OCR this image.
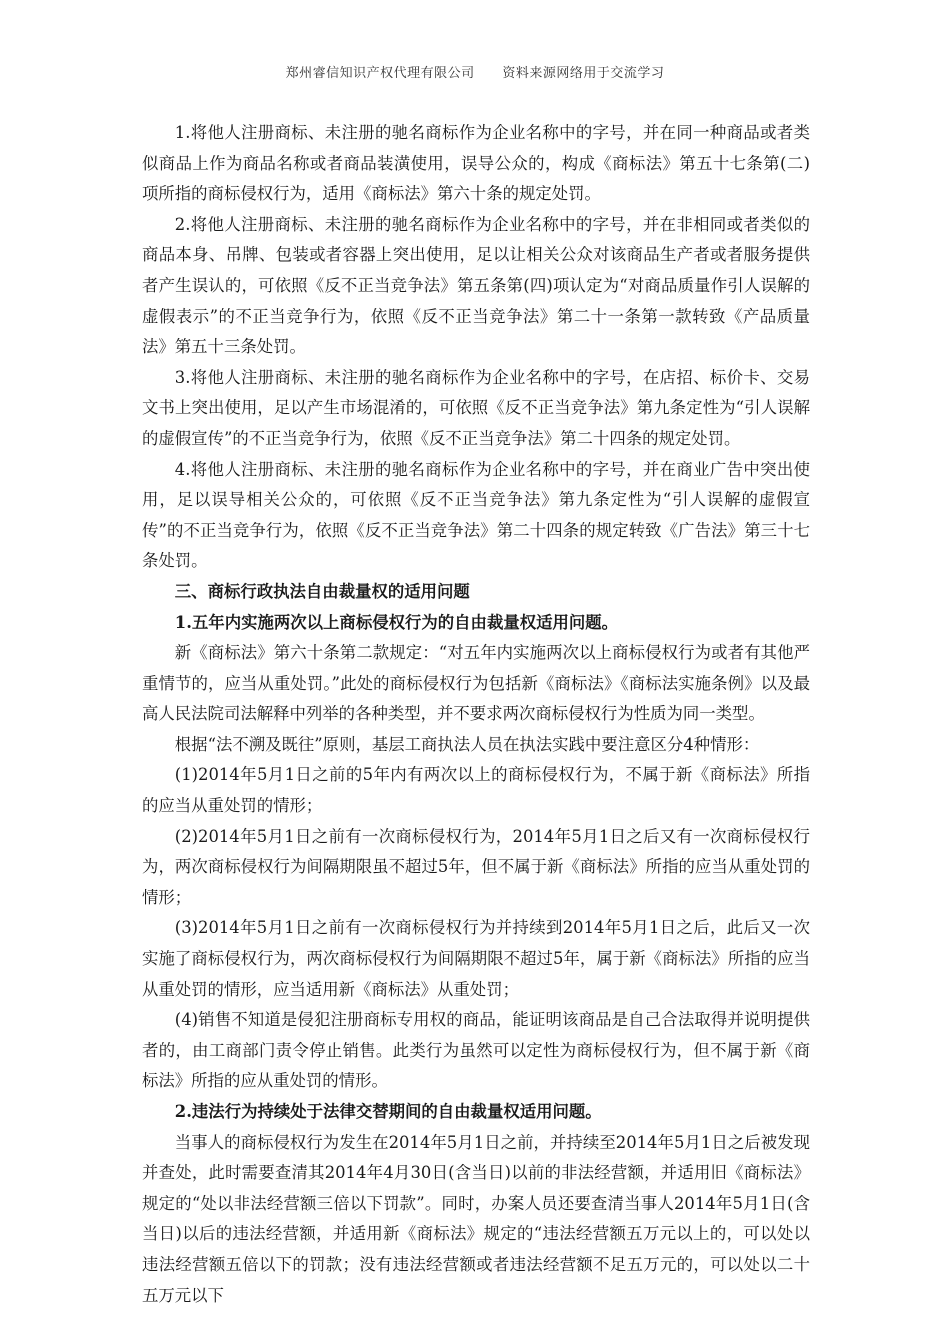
郑州睿信知识产权代理有限公司      资料来源网络用于交流学习

1.将他人注册商标、未注册的驰名商标作为企业名称中的字号，并在同一种商品或者类似商品上作为商品名称或者商品装潢使用，误导公众的，构成《商标法》第五十七条第(二)项所指的商标侵权行为，适用《商标法》第六十条的规定处罚。

2.将他人注册商标、未注册的驰名商标作为企业名称中的字号，并在非相同或者类似的商品本身、吊牌、包装或者容器上突出使用，足以让相关公众对该商品生产者或者服务提供者产生误认的，可依照《反不正当竞争法》第五条第(四)项认定为“对商品质量作引人误解的虚假表示”的不正当竞争行为，依照《反不正当竞争法》第二十一条第一款转致《产品质量法》第五十三条处罚。

3.将他人注册商标、未注册的驰名商标作为企业名称中的字号，在店招、标价卡、交易文书上突出使用，足以产生市场混淆的，可依照《反不正当竞争法》第九条定性为“引人误解的虚假宣传”的不正当竞争行为，依照《反不正当竞争法》第二十四条的规定处罚。

4.将他人注册商标、未注册的驰名商标作为企业名称中的字号，并在商业广告中突出使用，足以误导相关公众的，可依照《反不正当竞争法》第九条定性为“引人误解的虚假宣传”的不正当竞争行为，依照《反不正当竞争法》第二十四条的规定转致《广告法》第三十七条处罚。

三、商标行政执法自由裁量权的适用问题

1.五年内实施两次以上商标侵权行为的自由裁量权适用问题。

新《商标法》第六十条第二款规定：“对五年内实施两次以上商标侵权行为或者有其他严重情节的，应当从重处罚。”此处的商标侵权行为包括新《商标法》《商标法实施条例》以及最高人民法院司法解释中列举的各种类型，并不要求两次商标侵权行为性质为同一类型。

根据“法不溯及既往”原则，基层工商执法人员在执法实践中要注意区分4种情形：

(1)2014年5月1日之前的5年内有两次以上的商标侵权行为，不属于新《商标法》所指的应当从重处罚的情形；

(2)2014年5月1日之前有一次商标侵权行为，2014年5月1日之后又有一次商标侵权行为，两次商标侵权行为间隔期限虽不超过5年，但不属于新《商标法》所指的应当从重处罚的情形；

(3)2014年5月1日之前有一次商标侵权行为并持续到2014年5月1日之后，此后又一次实施了商标侵权行为，两次商标侵权行为间隔期限不超过5年，属于新《商标法》所指的应当从重处罚的情形，应当适用新《商标法》从重处罚；

(4)销售不知道是侵犯注册商标专用权的商品，能证明该商品是自己合法取得并说明提供者的，由工商部门责令停止销售。此类行为虽然可以定性为商标侵权行为，但不属于新《商标法》所指的应从重处罚的情形。

2.违法行为持续处于法律交替期间的自由裁量权适用问题。

当事人的商标侵权行为发生在2014年5月1日之前，并持续至2014年5月1日之后被发现并查处，此时需要查清其2014年4月30日(含当日)以前的非法经营额，并适用旧《商标法》规定的“处以非法经营额三倍以下罚款”。同时，办案人员还要查清当事人2014年5月1日(含当日)以后的违法经营额，并适用新《商标法》规定的“违法经营额五万元以上的，可以处以违法经营额五倍以下的罚款；没有违法经营额或者违法经营额不足五万元的，可以处以二十五万元以下
